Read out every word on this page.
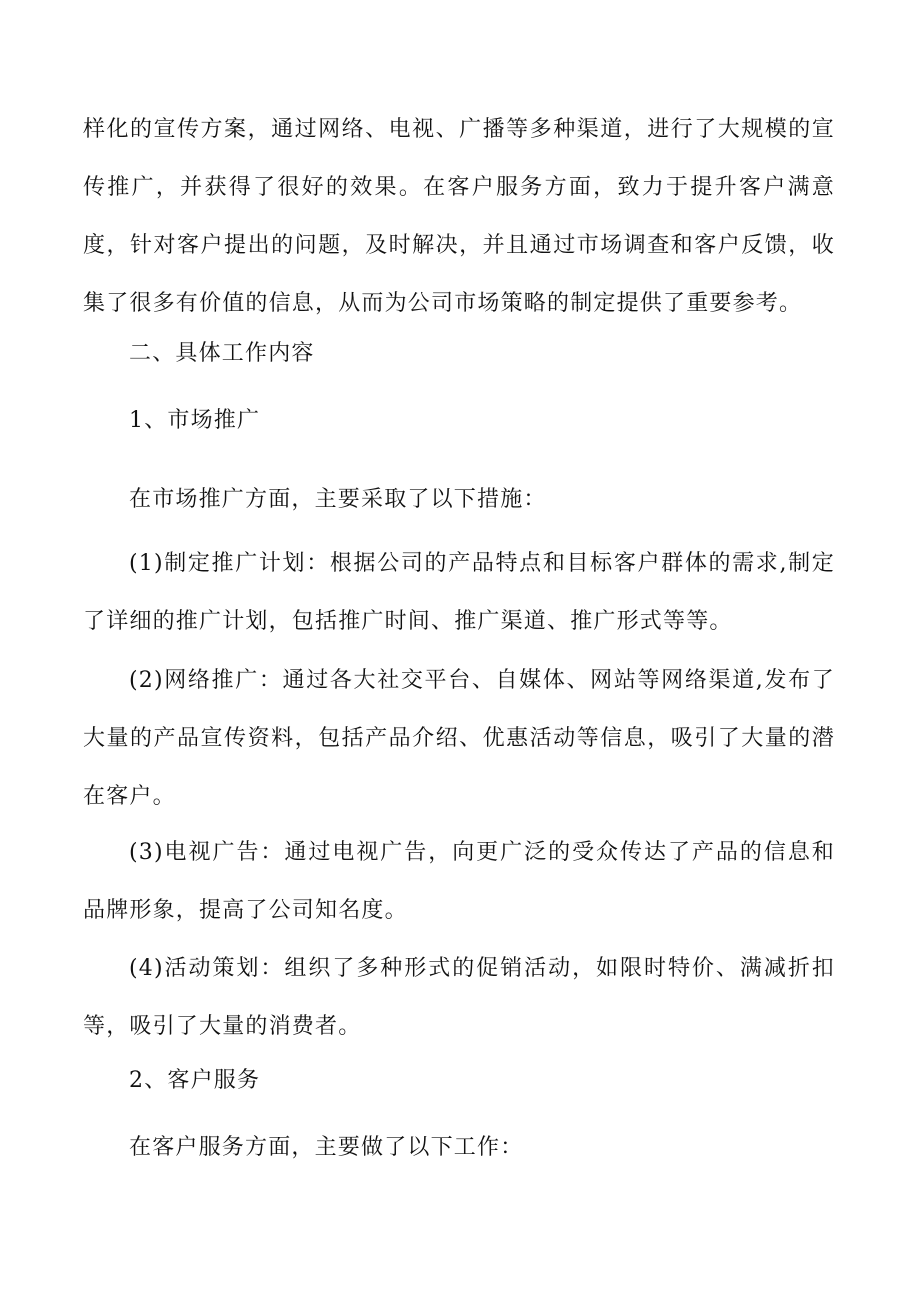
样化的宣传方案，通过网络、电视、广播等多种渠道，进行了大规模的宣传推广，并获得了很好的效果。在客户服务方面，致力于提升客户满意度，针对客户提出的问题，及时解决，并且通过市场调查和客户反馈，收集了很多有价值的信息，从而为公司市场策略的制定提供了重要参考。

二、具体工作内容

1、市场推广

在市场推广方面，主要采取了以下措施：

(1)制定推广计划：根据公司的产品特点和目标客户群体的需求,制定了详细的推广计划，包括推广时间、推广渠道、推广形式等等。

(2)网络推广：通过各大社交平台、自媒体、网站等网络渠道,发布了大量的产品宣传资料，包括产品介绍、优惠活动等信息，吸引了大量的潜在客户。

(3)电视广告：通过电视广告，向更广泛的受众传达了产品的信息和品牌形象，提高了公司知名度。

(4)活动策划：组织了多种形式的促销活动，如限时特价、满减折扣等，吸引了大量的消费者。

2、客户服务

在客户服务方面，主要做了以下工作：
